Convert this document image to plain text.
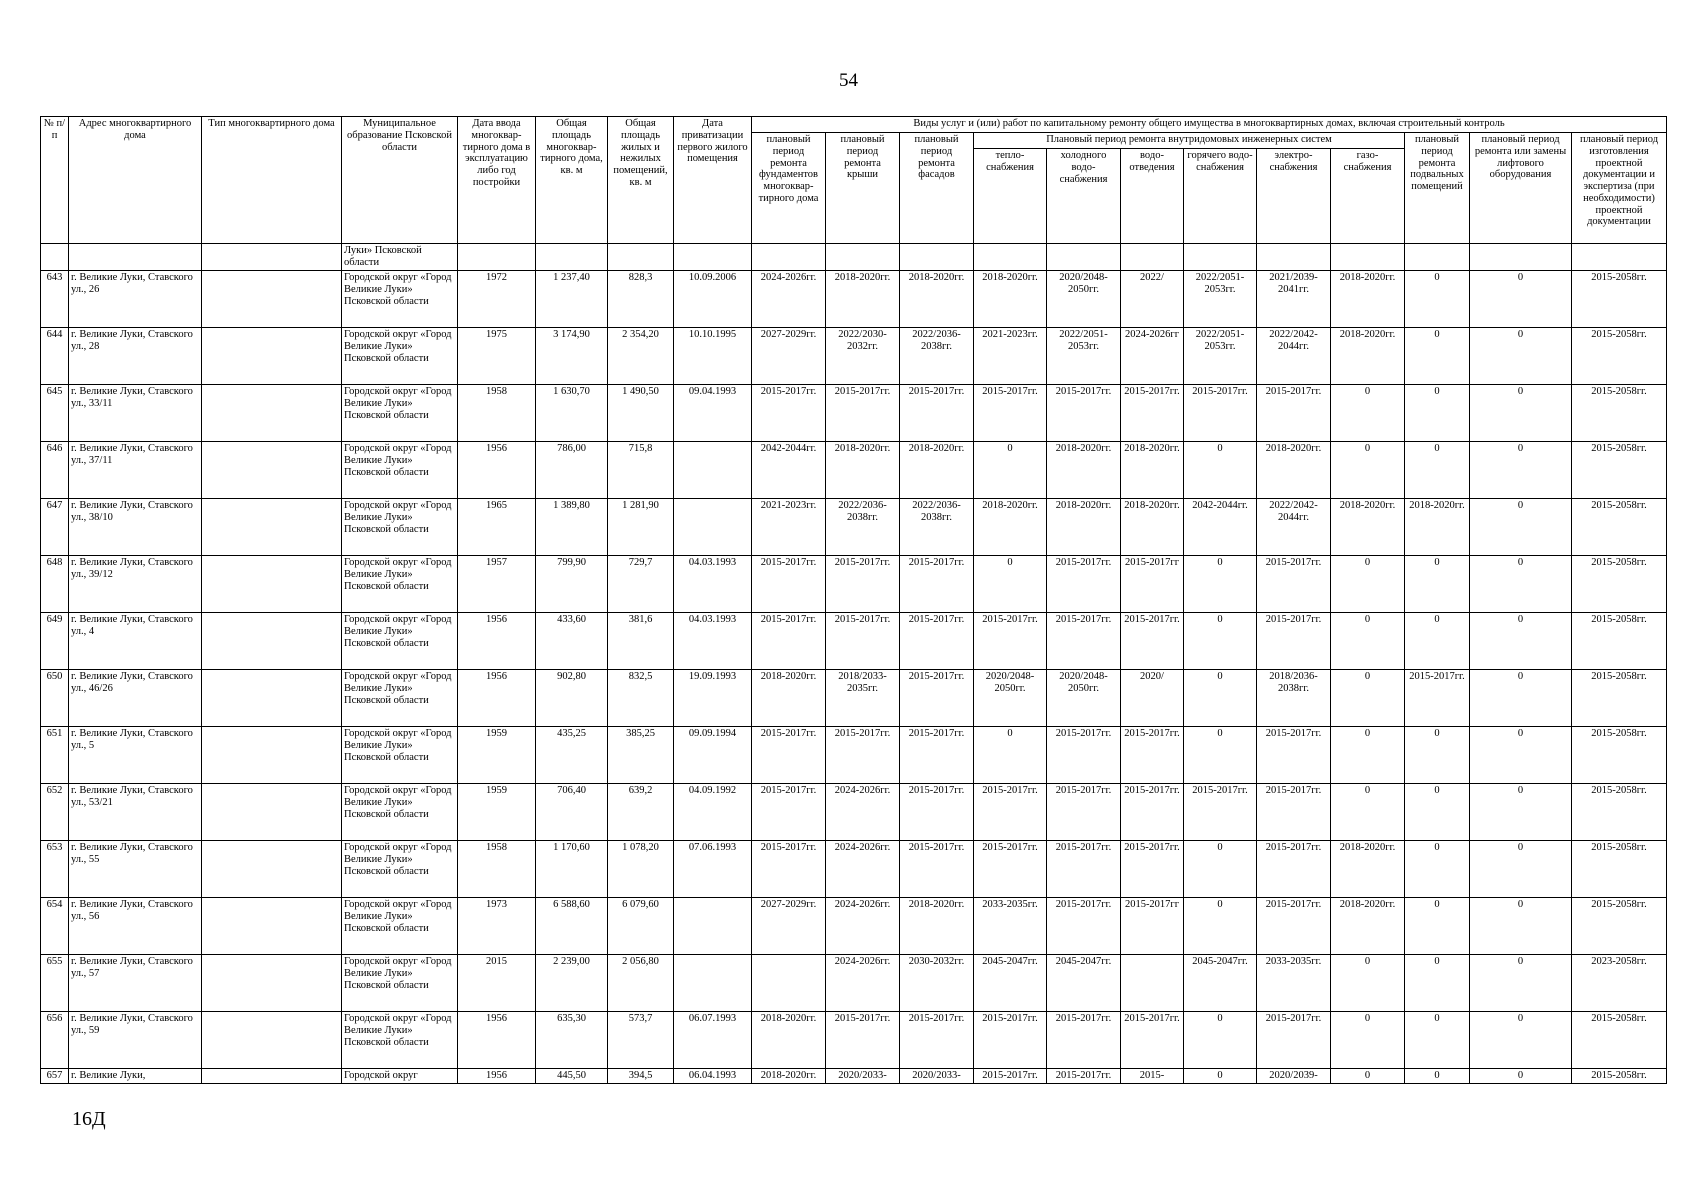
54
№ п/п	Адрес многоквартирного дома	Тип многоквартирного дома	Муниципальное образование Псковской области	Дата ввода многоквар-тирного дома в эксплуатацию либо год постройки	Общая площадь многоквар-тирного дома, кв. м	Общая площадь жилых и нежилых помещений, кв. м	Дата приватизации первого жилого помещения	Виды услуг и (или) работ по капитальному ремонту общего имущества в многоквартирных домах, включая строительный контроль											
								плановый период ремонта фундаментов многоквар-тирного дома	плановый период ремонта крыши	плановый период ремонта фасадов	Плановый период ремонта внутридомовых инженерных систем						плановый период ремонта подвальных помещений	плановый период ремонта или замены лифтового оборудования	плановый период изготовления проектной документации и экспертиза (при необходимости) проектной документации
											тепло-снабжения	холодного водо-снабжения	водо-отведения	горячего водо-снабжения	электро-снабжения	газо-снабжения			
			Луки» Псковской области																
643	г. Великие Луки, Ставского ул., 26		Городской округ «Город Великие Луки» Псковской области	1972	1 237,40	828,3	10.09.2006	2024-2026гг.	2018-2020гг.	2018-2020гг.	2018-2020гг.	2020/2048-2050гг.	2022/	2022/2051-2053гг.	2021/2039-2041гг.	2018-2020гг.	0	0	2015-2058гг.
644	г. Великие Луки, Ставского ул., 28		Городской округ «Город Великие Луки» Псковской области	1975	3 174,90	2 354,20	10.10.1995	2027-2029гг.	2022/2030-2032гг.	2022/2036-2038гг.	2021-2023гг.	2022/2051-2053гг.	2024-2026гг	2022/2051-2053гг.	2022/2042-2044гг.	2018-2020гг.	0	0	2015-2058гг.
645	г. Великие Луки, Ставского ул., 33/11		Городской округ «Город Великие Луки» Псковской области	1958	1 630,70	1 490,50	09.04.1993	2015-2017гг.	2015-2017гг.	2015-2017гг.	2015-2017гг.	2015-2017гг.	2015-2017гг.	2015-2017гг.	2015-2017гг.	0	0	0	2015-2058гг.
646	г. Великие Луки, Ставского ул., 37/11		Городской округ «Город Великие Луки» Псковской области	1956	786,00	715,8		2042-2044гг.	2018-2020гг.	2018-2020гг.	0	2018-2020гг.	2018-2020гг.	0	2018-2020гг.	0	0	0	2015-2058гг.
647	г. Великие Луки, Ставского ул., 38/10		Городской округ «Город Великие Луки» Псковской области	1965	1 389,80	1 281,90		2021-2023гг.	2022/2036-2038гг.	2022/2036-2038гг.	2018-2020гг.	2018-2020гг.	2018-2020гг.	2042-2044гг.	2022/2042-2044гг.	2018-2020гг.	2018-2020гг.	0	2015-2058гг.
648	г. Великие Луки, Ставского ул., 39/12		Городской округ «Город Великие Луки» Псковской области	1957	799,90	729,7	04.03.1993	2015-2017гг.	2015-2017гг.	2015-2017гг.	0	2015-2017гг.	2015-2017гг	0	2015-2017гг.	0	0	0	2015-2058гг.
649	г. Великие Луки, Ставского ул., 4		Городской округ «Город Великие Луки» Псковской области	1956	433,60	381,6	04.03.1993	2015-2017гг.	2015-2017гг.	2015-2017гг.	2015-2017гг.	2015-2017гг.	2015-2017гг.	0	2015-2017гг.	0	0	0	2015-2058гг.
650	г. Великие Луки, Ставского ул., 46/26		Городской округ «Город Великие Луки» Псковской области	1956	902,80	832,5	19.09.1993	2018-2020гг.	2018/2033-2035гг.	2015-2017гг.	2020/2048-2050гг.	2020/2048-2050гг.	2020/	0	2018/2036-2038гг.	0	2015-2017гг.	0	2015-2058гг.
651	г. Великие Луки, Ставского ул., 5		Городской округ «Город Великие Луки» Псковской области	1959	435,25	385,25	09.09.1994	2015-2017гг.	2015-2017гг.	2015-2017гг.	0	2015-2017гг.	2015-2017гг.	0	2015-2017гг.	0	0	0	2015-2058гг.
652	г. Великие Луки, Ставского ул., 53/21		Городской округ «Город Великие Луки» Псковской области	1959	706,40	639,2	04.09.1992	2015-2017гг.	2024-2026гг.	2015-2017гг.	2015-2017гг.	2015-2017гг.	2015-2017гг.	2015-2017гг.	2015-2017гг.	0	0	0	2015-2058гг.
653	г. Великие Луки, Ставского ул., 55		Городской округ «Город Великие Луки» Псковской области	1958	1 170,60	1 078,20	07.06.1993	2015-2017гг.	2024-2026гг.	2015-2017гг.	2015-2017гг.	2015-2017гг.	2015-2017гг.	0	2015-2017гг.	2018-2020гг.	0	0	2015-2058гг.
654	г. Великие Луки, Ставского ул., 56		Городской округ «Город Великие Луки» Псковской области	1973	6 588,60	6 079,60		2027-2029гг.	2024-2026гг.	2018-2020гг.	2033-2035гг.	2015-2017гг.	2015-2017гг	0	2015-2017гг.	2018-2020гг.	0	0	2015-2058гг.
655	г. Великие Луки, Ставского ул., 57		Городской округ «Город Великие Луки» Псковской области	2015	2 239,00	2 056,80			2024-2026гг.	2030-2032гг.	2045-2047гг.	2045-2047гг.		2045-2047гг.	2033-2035гг.	0	0	0	2023-2058гг.
656	г. Великие Луки, Ставского ул., 59		Городской округ «Город Великие Луки» Псковской области	1956	635,30	573,7	06.07.1993	2018-2020гг.	2015-2017гг.	2015-2017гг.	2015-2017гг.	2015-2017гг.	2015-2017гг.	0	2015-2017гг.	0	0	0	2015-2058гг.
657	г. Великие Луки,		Городской округ	1956	445,50	394,5	06.04.1993	2018-2020гг.	2020/2033-	2020/2033-	2015-2017гг.	2015-2017гг.	2015-	0	2020/2039-	0	0	0	2015-2058гг.
16Д
